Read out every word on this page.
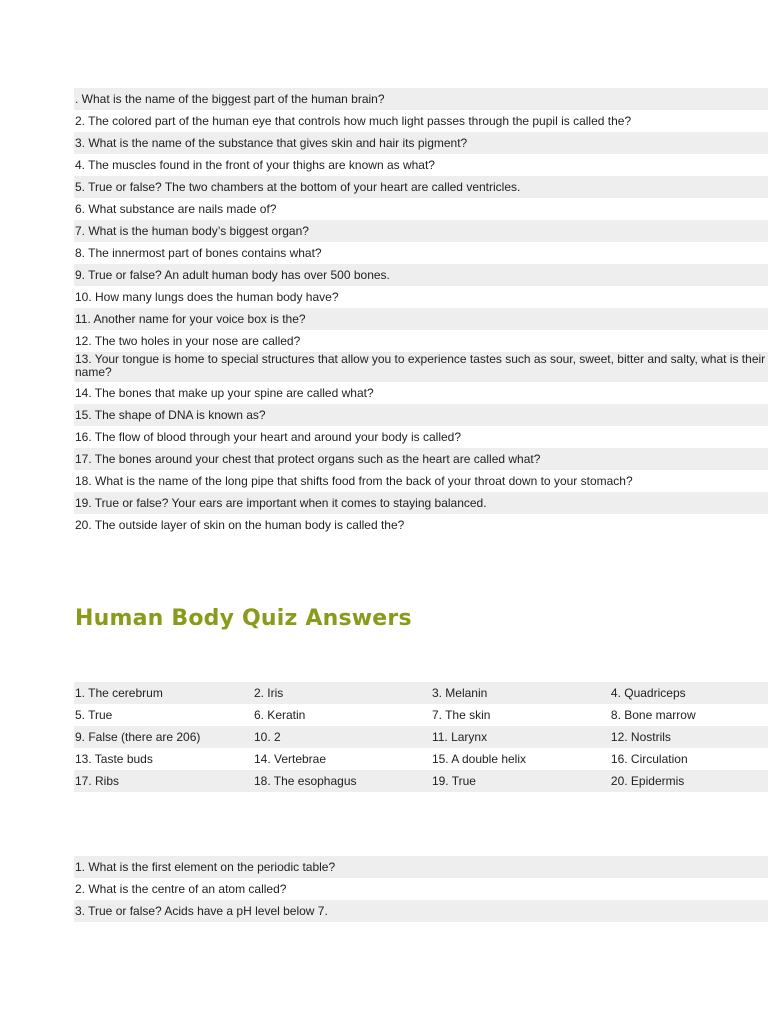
. What is the name of the biggest part of the human brain?
2. The colored part of the human eye that controls how much light passes through the pupil is called the?
3. What is the name of the substance that gives skin and hair its pigment?
4. The muscles found in the front of your thighs are known as what?
5. True or false? The two chambers at the bottom of your heart are called ventricles.
6. What substance are nails made of?
7. What is the human body’s biggest organ?
8. The innermost part of bones contains what?
9. True or false? An adult human body has over 500 bones.
10. How many lungs does the human body have?
11. Another name for your voice box is the?
12. The two holes in your nose are called?
13. Your tongue is home to special structures that allow you to experience tastes such as sour, sweet, bitter and salty, what is their name?
14. The bones that make up your spine are called what?
15. The shape of DNA is known as?
16. The flow of blood through your heart and around your body is called?
17. The bones around your chest that protect organs such as the heart are called what?
18. What is the name of the long pipe that shifts food from the back of your throat down to your stomach?
19. True or false? Your ears are important when it comes to staying balanced.
20. The outside layer of skin on the human body is called the?
Human Body Quiz Answers
1. The cerebrum	2. Iris	3. Melanin	4. Quadriceps
5. True	6. Keratin	7. The skin	8. Bone marrow
9. False (there are 206)	10. 2	11. Larynx	12. Nostrils
13. Taste buds	14. Vertebrae	15. A double helix	16. Circulation
17. Ribs	18. The esophagus	19. True	20. Epidermis
1. What is the first element on the periodic table?
2. What is the centre of an atom called?
3. True or false? Acids have a pH level below 7.
